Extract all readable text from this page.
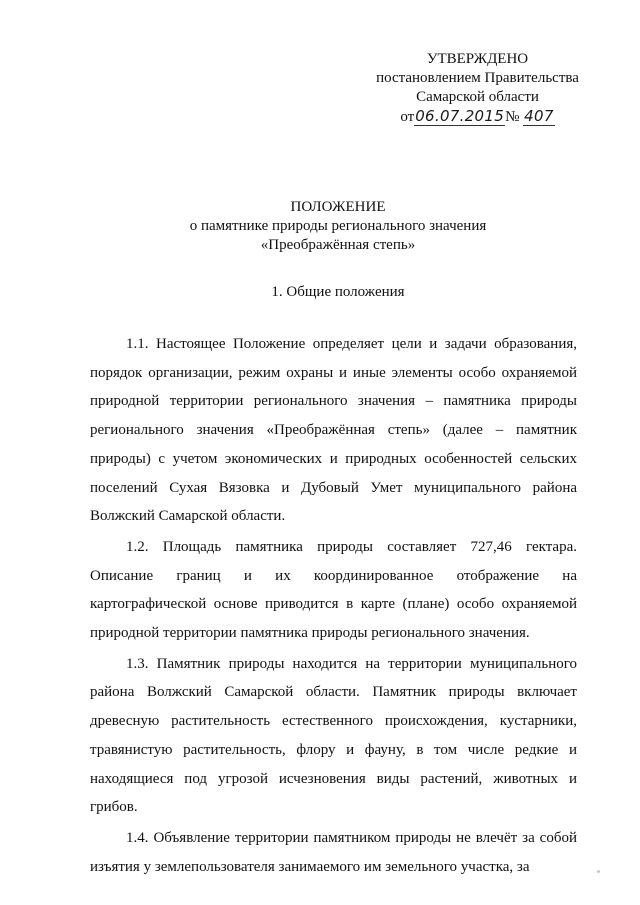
УТВЕРЖДЕНО
постановлением Правительства
Самарской области
от06.07.2015№ 407
ПОЛОЖЕНИЕ
о памятнике природы регионального значения
«Преображённая степь»
1. Общие положения

1.1. Настоящее Положение определяет цели и задачи образования, порядок организации, режим охраны и иные элементы особо охраняемой природной территории регионального значения – памятника природы регионального значения «Преображённая степь» (далее – памятник природы) с учетом экономических и природных особенностей сельских поселений Сухая Вязовка и Дубовый Умет муниципального района Волжский Самарской области.

1.2. Площадь памятника природы составляет 727,46 гектара. Описание границ и их координированное отображение на картографической основе приводится в карте (плане) особо охраняемой природной территории памятника природы регионального значения.

1.3. Памятник природы находится на территории муниципального района Волжский Самарской области. Памятник природы включает древесную растительность естественного происхождения, кустарники, травянистую растительность, флору и фауну, в том числе редкие и находящиеся под угрозой исчезновения виды растений, животных и грибов.

1.4. Объявление территории памятником природы не влечёт за собой изъятия у землепользователя занимаемого им земельного участка, за
